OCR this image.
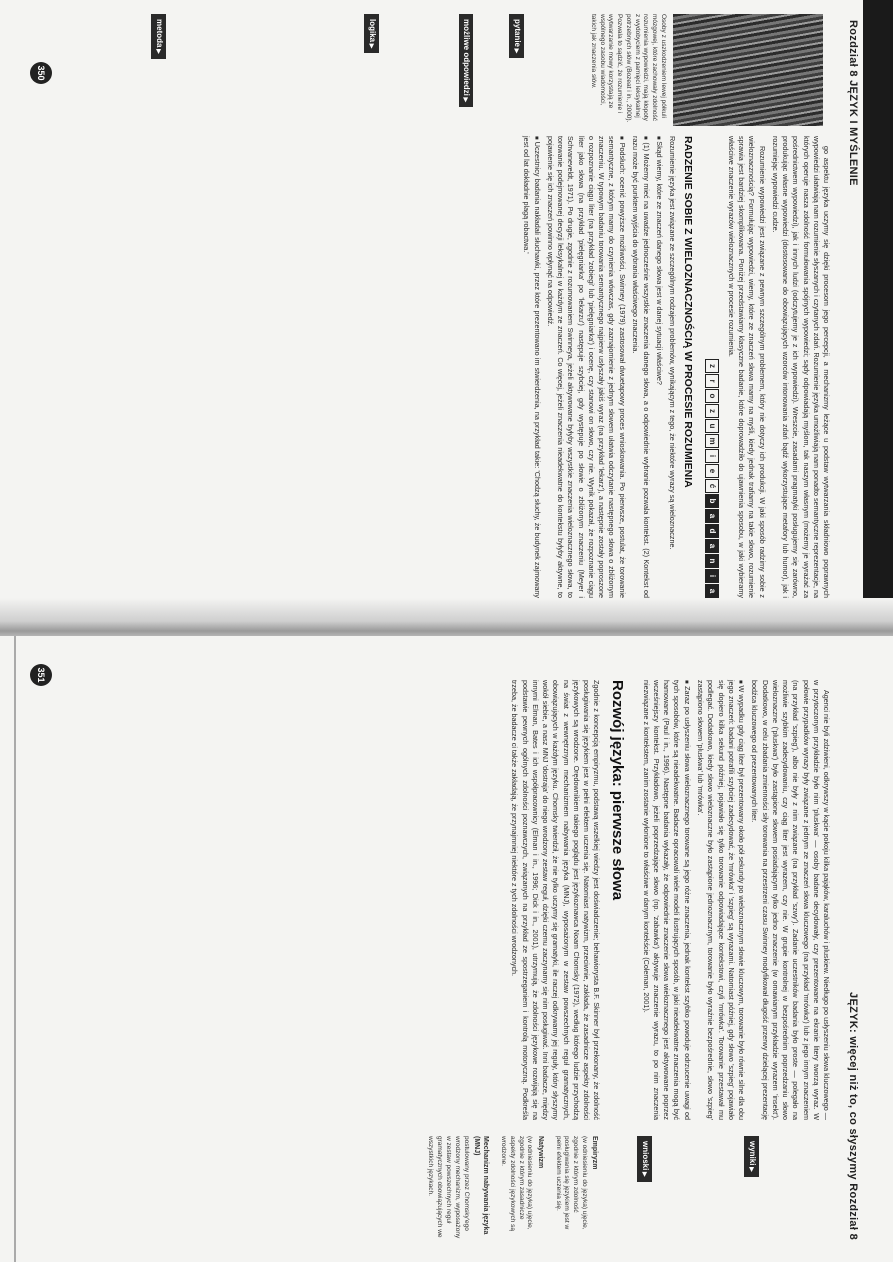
Rozdział 8 JĘZYK I MYŚLENIE
Osoby z uszkodzeniem lewej półkuli mózgowej, które zachowały zdolność rozumienia wypowiedzi, mają kłopoty z wydobyciem z pamięci leksykalnej potrzebnych słów (Bozeat i in., 2000). Pozwala to sądzić, że rozumienie i wytwarzanie mowy korzystają ze wspólnego zasobu wiadomości, takich jak znaczenia słów.
pytanie ▶
możliwe odpowiedzi ▶
logika ▶
metoda ▶

go aspektu języka uczymy się dzięki procesom jego percepcji, a mechanizmy leżące u podstaw wytwarzania składniowo poprawnych wypowiedzi ułatwiają nam rozumienie słyszanych i czytanych zdań. Rozumienie języka umożliwiają nam ponadto semantyczne reprezentacje, na których operuje nasza zdolność formułowania spójnych wypowiedzi; sądy odpowiadają myślom, tak naszym własnym (możemy je wyrażać za pośrednictwem wypowiedzi), jak i innych ludzi (odczytujemy je z ich wypowiedzi). Wreszcie, zasadami pragmatyki posługujemy się zarówno, produkując własne wypowiedzi (dostosowane do obowiązujących wzorców intonowania zdań bądź wykorzystujące metafory lub humor), jak i rozumiejąc wypowiedzi cudze.

Rozumienie wypowiedzi jest związane z pewnym szczególnym problemem, który nie dotyczy ich produkcji. W jaki sposób radzimy sobie z wieloznacznością? Formułując wypowiedzi, wiemy, które ze znaczeń słowa mamy na myśli, kiedy jednak trafiamy na takie słowo, rozumienie sprawia jest bardziej skomplikowana. Poniżej przedstawiamy klasyczne badanie, które doprowadziło do ujawnienia sposobu, w jaki wybieramy właściwe znaczenie wyrazów wieloznacznych w procesie rozumienia.

z
r
o
z
u
m
i
e
ć
b
a
d
a
n
i
a
RADZENIE SOBIE Z WIELOZNACZNOŚCIĄ W PROCESIE ROZUMIENIA

Rozumienie języka jest związane ze szczególnym rodzajem problemów, wynikającym z tego, że niektóre wyrazy są wieloznaczne.

■ Skąd wiemy, które ze znaczeń danego słowa jest w danej sytuacji właściwe?

■ (1) Możemy mieć na uwadze jednocześnie wszystkie znaczenia danego słowa, a o odpowiednie wybranie pozwala kontekst. (2) Kontekst od razu może być punktem wyjścia do wybrania właściwego znaczenia.

■ Podsłuch: ocenić powyższe możliwości, Swinney (1979) zastosował dwuetapowy proces wnioskowania. Po pierwsze, postulat, że torowanie semantyczne, z którym mamy do czynienia wówczas, gdy zaznajomienie z jednym słowem ułatwia odczytanie następnego słowa o zbliżonym znaczeniu. W typowym badaniu torowania semantycznego najpierw usłyszały jakiś wyraz (na przykład 'lekarz'), a następnie zostały poproszone o rozpoznanie ciągu liter (na przykład 'zobiegi' lub 'pielęgniarka') i ocenę, czy stanowi on słowo, czy nie. Wynik pokazał, że rozpoznanie ciągu liter jako słowa (na przykład 'pielęgniarka' po 'lekarzu') następuje szybciej, gdy występuje po słowie o zbliżonym znaczeniu (Meyer i Schvaneveldt, 1971). Po drugie, zgodnie z rozumowaniem Swinneya, jeżeli aktywowane byłyby wszystkie znaczenia wieloznacznego słowa, to torowanie podejmowanej decyzji leksykalnej w każdym ze znaczeń. Co więcej, jeżeli znaczenia nieadekwatne do kontekstu byłyby aktywne, to pojawienie się ich znaczeń powinno wpłynąć na odpowiedź.

■ Uczestnicy badania nakładali słuchawki, przez które prezentowano im stwierdzenia, na przykład takie: 'Chodzą słuchy, że budynek zajmowany jest od lat dokładnie plagą robactwa.'

350
JĘZYK: więcej niż to, co słyszymy Rozdział 8

Agenci nie byli zdziwieni, odkrywszy w kącie pokoju kilka pająków, karaluchów i pluskiew. Niedługo po usłyszeniu słowa kluczowego — w przytoczonym przykładzie było nim 'pluskwa' — osoby badane decydowały, czy prezentowane na ekranie litery tworzą wyraz. W połowie przypadków wyrazy były związane z jednym ze znaczeń słowa kluczowego (na przykład 'mrówka') lub z jego innym znaczeniem (na przykład 'szpieg'), albo nie były z nim związane (na przykład 'szwy'). Zadanie uczestników badania było proste — polegało na możliwie szybkim zadecydowaniu, czy ciąg liter jest wyrazem, czy nie. W grupie kontrolnej w bezpośrednim poprzedzaniu słowo wieloznaczne ('pluskwa') było zastąpione słowem posiadającym tylko jedno znaczenie (w omawianym przykładzie wyrazem 'insekt'). Dodatkowo, w celu zbadania zmienności siły torowania na przestrzeni czasu Swinney modyfikował długość przerwy dzielącej prezentację bodźca kluczowego od prezentowanych liter.

■ W wypadku gdy ciąg liter był prezentowany około pół sekundy po wieloznacznym słowie kluczowym, torowanie było równie silne dla obu jego znaczeń: badani potrafili szybciej zadecydować, że 'mrówka' i 'szpieg' są wyrazami. Natomiast później, gdy słowo 'szpieg' pojawiało się dopiero kilka sekund później, pojawiało się tylko torowanie odpowiadające kontekstowi, czyli 'mrówka'. Torowanie przestawał mu podlegać. Dodatkowo, kiedy słowo wieloznaczne było zastąpione jednoznacznym, torowanie było wyraźnie bezpośrednie, słowo 'szpieg' zastąpiono słowem 'pluskwa' lub 'mrówka'.

■ Zaraz po usłyszeniu słowa wieloznacznego torowane są jego różne znaczenia, jednak kontekst szybko powoduje odrzucenie uwagi od tych sposobów, które są nieadekwatne. Badacze opracowali wiele modeli ilustrujących sposób, w jaki nieadekwatne znaczenia mogą być hamowane (Paul i in., 1996). Następne badania wykazały, że odpowiednie znaczenie słowa wieloznacznego jest aktywowane poprzez wcześniejszy kontekst. Przykładowo, jeżeli poprzedzające słowo (np. 'zabawka') aktywuje znaczenie wyrazu, to po nim znaczenia niezwiązane z kontekstem, zanim zostanie wyłonione to właściwe w danym kontekście (Coleman, 2001).

Rozwój języka: pierwsze słowa

Zgodnie z koncepcją empiryzmu, podstawą wszelkiej wiedzy jest doświadczenie; behawiorysta B.F. Skinner był przekonany, że zdolność posługiwania się językiem jest w pełni efektem uczenia się. Natomiast natywizm, przeciwnie, zakłada, że zasadnicze aspekty zdolności językowych są wrodzone. Orędownikiem takiego poglądu jest językoznawca Noam Chomsky (1972), według którego ludzie przychodzą na świat z wewnętrznym mechanizmem nabywania języka (MNJ), wyposażonym w zestaw powszechnych reguł gramatycznych, obowiązujących w każdym języku. Chomsky twierdził, że nie tylko uczymy się gramatyki, ile raczej odkrywamy jej reguły, który słyszymy wokół siebie, a nasz MNJ 'dostraja' do niego wrodzony zestaw reguł, dzięki czemu zaczynamy się nim posługiwać. Inni badacze, między innymi Elman, Bates i ich współpracownicy (Elman i in., 1996; Dick i in., 2001), utrzymują, że zdolności językowe rozwijają się na podstawie pewnych ogólnych zdolności poznawczych, związanych na przykład ze spostrzeganiem i kontrolą motoryczną. Podkreśla trzeba, że badacze ci także zakładają, że przynajmniej niektóre z tych zdolności wrodzonych.

wyniki ▶
wnioski ▶
Empiryzm
(w odniesieniu do języka) ujęcie, zgodnie z którym zdolność posługiwania się językiem jest w pełni efektem uczenia się.
Natywizm
(w odniesieniu do języka) ujęcie, zgodnie z którym zasadnicze aspekty zdolności językowych są wrodzone.
Mechanizm nabywania języka (MNJ)
postulowany przez Chomsky'ego wrodzony mechanizm, wyposażony w zestaw powszechnych reguł gramatycznych obowiązujących we wszystkich językach.
351
